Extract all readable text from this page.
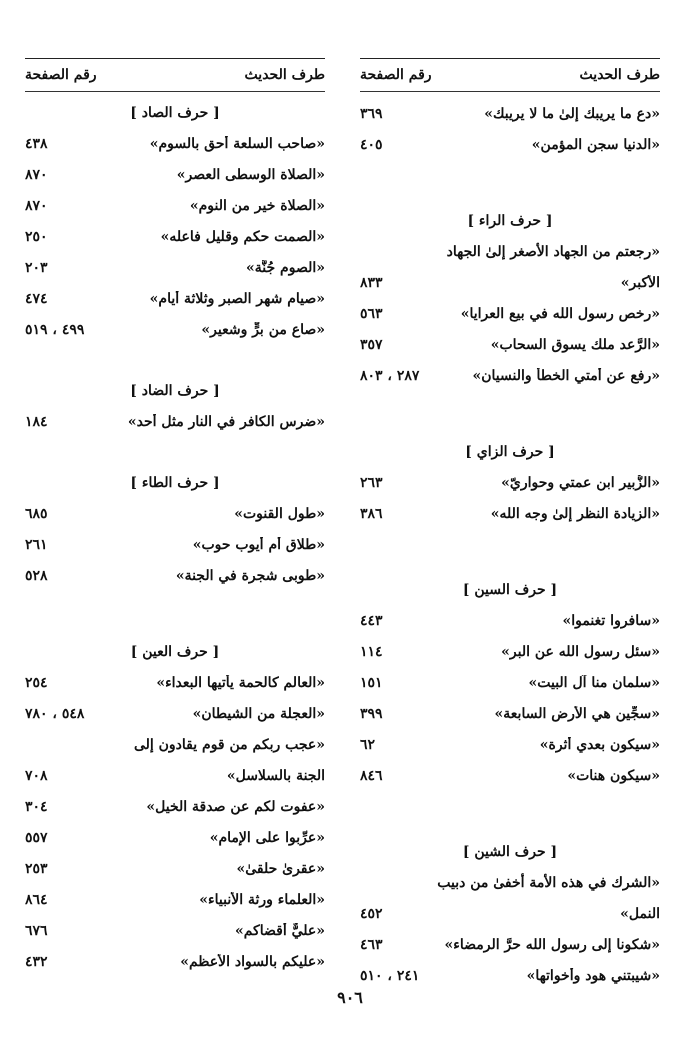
طرف الحديث
رقم الصفحة
«دع ما يريبك إلىٰ ما لا يريبك»
٣٦٩
«الدنيا سجن المؤمن»
٤٠٥
[ حرف الراء ]
«رجعتم من الجهاد الأصغر إلىٰ الجهاد
الأكبر»
٨٣٣
«رخص رسول الله في بيع العرايا»
٥٦٣
«الرَّعد ملك يسوق السحاب»
٣٥٧
«رفع عن أمتي الخطأ والنسيان»
٢٨٧ ، ٨٠٣
[ حرف الزاي ]
«الزُّبير ابن عمتي وحواريّ»
٢٦٣
«الزيادة النظر إلىٰ وجه الله»
٣٨٦
[ حرف السين ]
«سافروا تغنموا»
٤٤٣
«سئل رسول الله عن البر»
١١٤
«سلمان منا آل البيت»
١٥١
«سجِّين هي الأرض السابعة»
٣٩٩
«سيكون بعدي أثرة»
٦٢
«سيكون هنات»
٨٤٦
[ حرف الشين ]
«الشرك في هذه الأمة أخفىٰ من دبيب
النمل»
٤٥٢
«شكونا إلى رسول الله حرَّ الرمضاء»
٤٦٣
«شيبتني هود وأخواتها»
٢٤١ ، ٥١٠
طرف الحديث
رقم الصفحة
[ حرف الصاد ]
«صاحب السلعة أحق بالسوم»
٤٣٨
«الصلاة الوسطى العصر»
٨٧٠
«الصلاة خير من النوم»
٨٧٠
«الصمت حكم وقليل فاعله»
٢٥٠
«الصوم جُنَّة»
٢٠٣
«صيام شهر الصبر وثلاثة أيام»
٤٧٤
«صاع من برٍّ وشعير»
٤٩٩ ، ٥١٩
[ حرف الضاد ]
«ضرس الكافر في النار مثل أحد»
١٨٤
[ حرف الطاء ]
«طول القنوت»
٦٨٥
«طلاق أم أيوب حوب»
٢٦١
«طوبى شجرة في الجنة»
٥٢٨
[ حرف العين ]
«العالم كالحمة يأتيها البعداء»
٢٥٤
«العجلة من الشيطان»
٥٤٨ ، ٧٨٠
«عجب ربكم من قوم يقادون إلى
الجنة بالسلاسل»
٧٠٨
«عفوت لكم عن صدقة الخيل»
٣٠٤
«عرِّبوا على الإمام»
٥٥٧
«عقرىٰ حلقىٰ»
٢٥٣
«العلماء ورثة الأنبياء»
٨٦٤
«عليٌّ أقضاكم»
٦٧٦
«عليكم بالسواد الأعظم»
٤٣٢
٩٠٦
